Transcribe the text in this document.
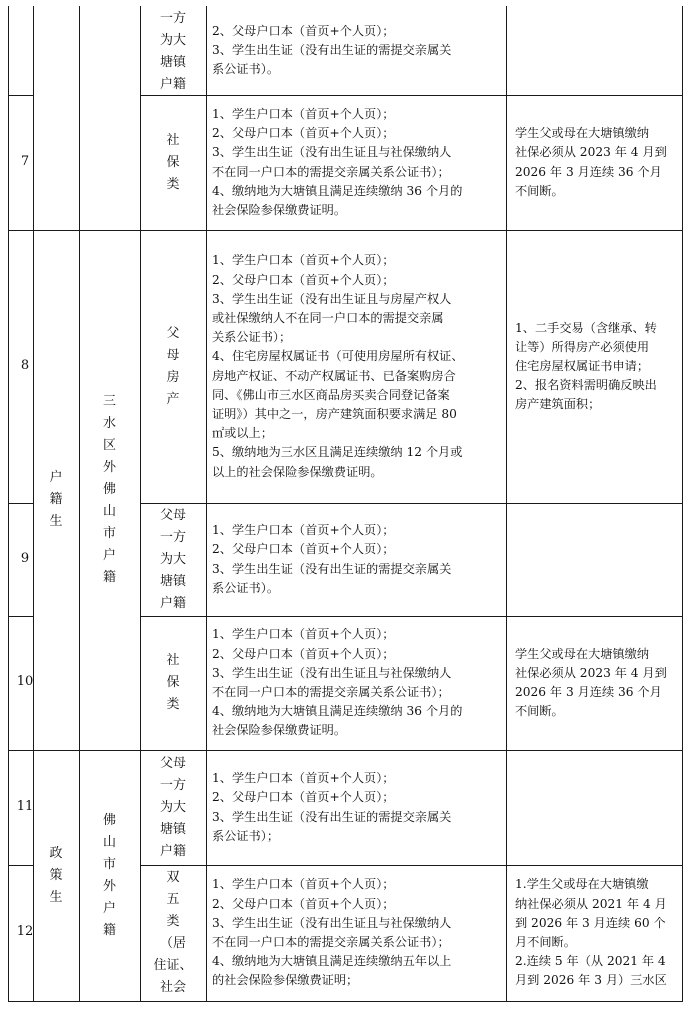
一方
为大
塘镇
户籍
2、父母户口本（首页+个人页）；
3、学生出生证（没有出生证的需提交亲属关
系公证书）。
7
社
保
类
1、学生户口本（首页+个人页）；
2、父母户口本（首页+个人页）；
3、学生出生证（没有出生证且与社保缴纳人
不在同一户口本的需提交亲属关系公证书）；
4、缴纳地为大塘镇且满足连续缴纳 36 个月的
社会保险参保缴费证明。
学生父或母在大塘镇缴纳
社保必须从 2023 年 4 月到
2026 年 3 月连续 36 个月
不间断。
8
父
母
房
产
1、学生户口本（首页+个人页）；
2、父母户口本（首页+个人页）；
3、学生出生证（没有出生证且与房屋产权人
或社保缴纳人不在同一户口本的需提交亲属
关系公证书）；
4、住宅房屋权属证书（可使用房屋所有权证、
房地产权证、不动产权属证书、已备案购房合
同、《佛山市三水区商品房买卖合同登记备案
证明》）其中之一，房产建筑面积要求满足 80
㎡或以上；
5、缴纳地为三水区且满足连续缴纳 12 个月或
以上的社会保险参保缴费证明。
1、二手交易（含继承、转
让等）所得房产必须使用
住宅房屋权属证书申请；
2、报名资料需明确反映出
房产建筑面积；
9
父母
一方
为大
塘镇
户籍
1、学生户口本（首页+个人页）；
2、父母户口本（首页+个人页）；
3、学生出生证（没有出生证的需提交亲属关
系公证书）。
10
社
保
类
1、学生户口本（首页+个人页）；
2、父母户口本（首页+个人页）；
3、学生出生证（没有出生证且与社保缴纳人
不在同一户口本的需提交亲属关系公证书）；
4、缴纳地为大塘镇且满足连续缴纳 36 个月的
社会保险参保缴费证明。
学生父或母在大塘镇缴纳
社保必须从 2023 年 4 月到
2026 年 3 月连续 36 个月
不间断。
11
父母
一方
为大
塘镇
户籍
1、学生户口本（首页+个人页）；
2、父母户口本（首页+个人页）；
3、学生出生证（没有出生证的需提交亲属关
系公证书）；
12
双
五
类
（居
住证、
社会
1、学生户口本（首页+个人页）；
2、父母户口本（首页+个人页）；
3、学生出生证（没有出生证且与社保缴纳人
不在同一户口本的需提交亲属关系公证书）；
4、缴纳地为大塘镇且满足连续缴纳五年以上
的社会保险参保缴费证明；
1.学生父或母在大塘镇缴
纳社保必须从 2021 年 4 月
到 2026 年 3 月连续 60 个
月不间断。
2.连续 5 年（从 2021 年 4
月到 2026 年 3 月）三水区
户
籍
生
政
策
生
三
水
区
外
佛
山
市
户
籍
佛
山
市
外
户
籍
